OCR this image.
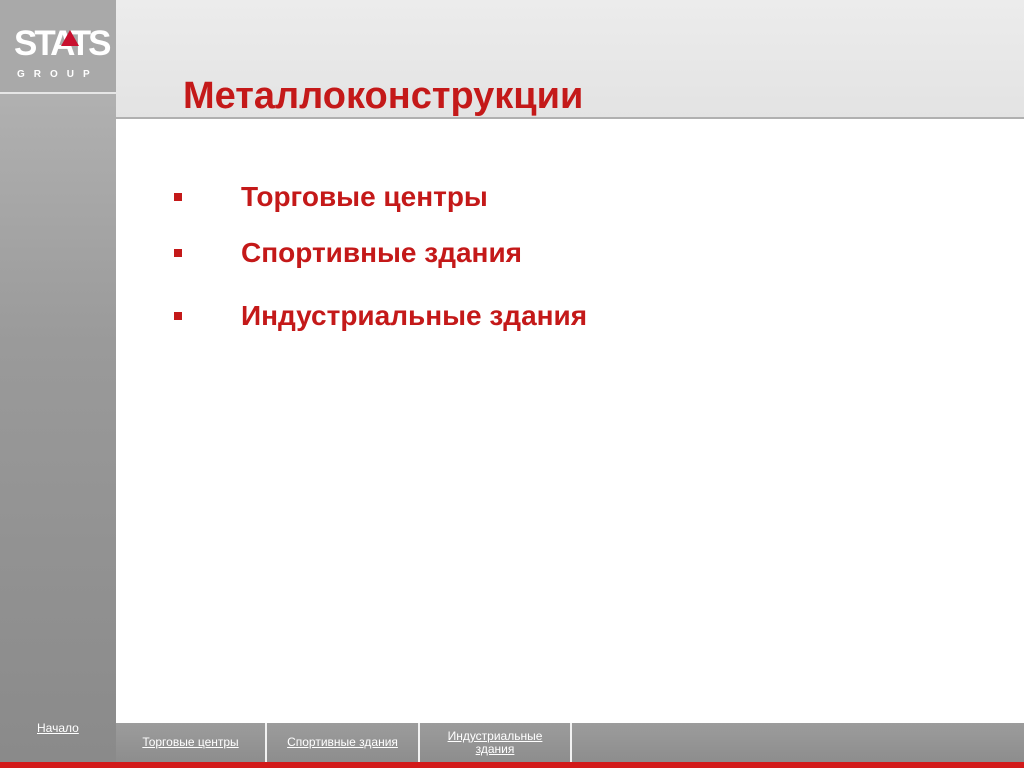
STATS
GROUP
Начало
Металлоконструкции
Торговые центры
Спортивные здания
Индустриальные здания
Торговые центры	Спортивные здания	Индустриальные здания
